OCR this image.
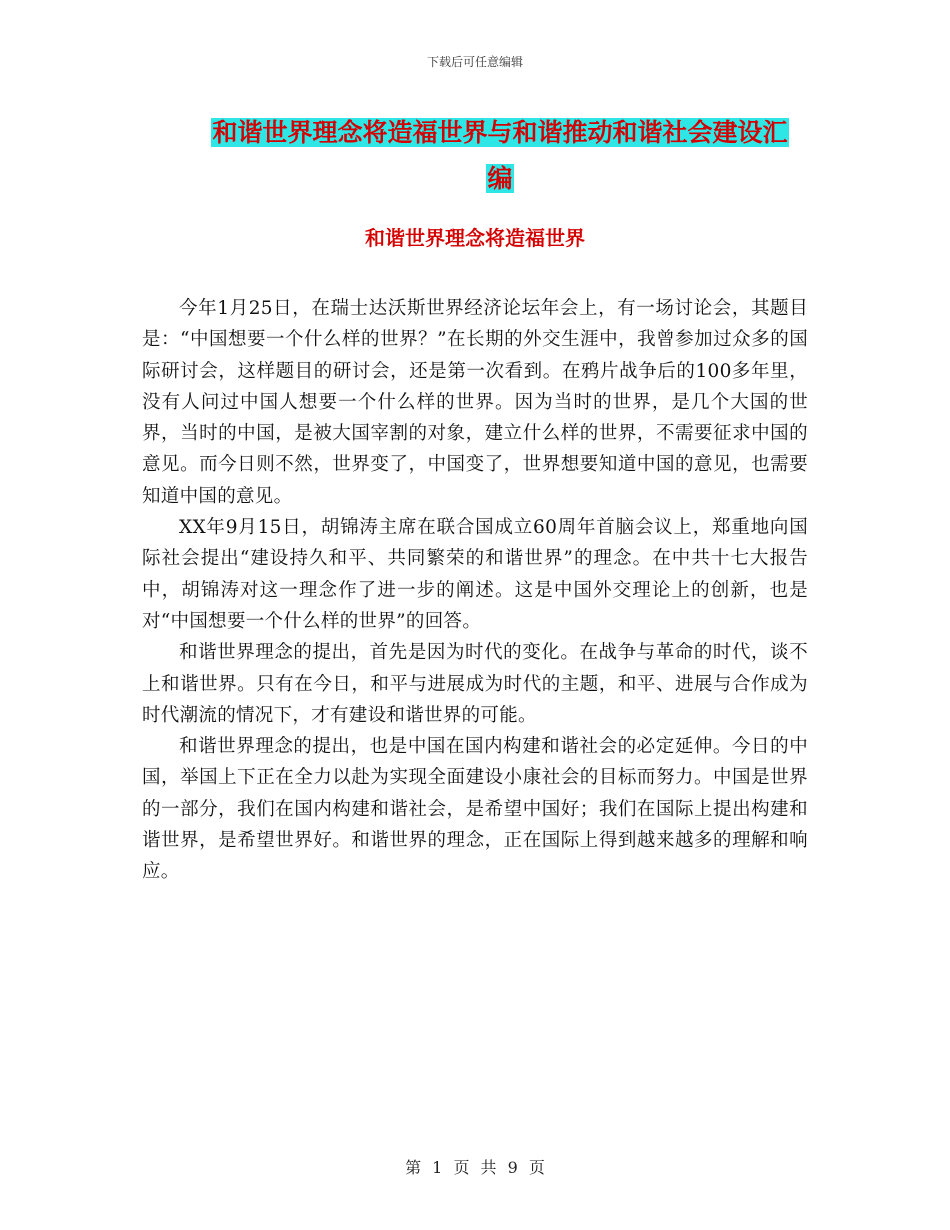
下载后可任意编辑
和谐世界理念将造福世界与和谐推动和谐社会建设汇
编
和谐世界理念将造福世界

今年1月25日，在瑞士达沃斯世界经济论坛年会上，有一场讨论会，其题目是：“中国想要一个什么样的世界？”在长期的外交生涯中，我曾参加过众多的国际研讨会，这样题目的研讨会，还是第一次看到。在鸦片战争后的100多年里，没有人问过中国人想要一个什么样的世界。因为当时的世界，是几个大国的世界，当时的中国，是被大国宰割的对象，建立什么样的世界，不需要征求中国的意见。而今日则不然，世界变了，中国变了，世界想要知道中国的意见，也需要知道中国的意见。

XX年9月15日，胡锦涛主席在联合国成立60周年首脑会议上，郑重地向国际社会提出“建设持久和平、共同繁荣的和谐世界”的理念。在中共十七大报告中，胡锦涛对这一理念作了进一步的阐述。这是中国外交理论上的创新，也是对“中国想要一个什么样的世界”的回答。

和谐世界理念的提出，首先是因为时代的变化。在战争与革命的时代，谈不上和谐世界。只有在今日，和平与进展成为时代的主题，和平、进展与合作成为时代潮流的情况下，才有建设和谐世界的可能。

和谐世界理念的提出，也是中国在国内构建和谐社会的必定延伸。今日的中国，举国上下正在全力以赴为实现全面建设小康社会的目标而努力。中国是世界的一部分，我们在国内构建和谐社会，是希望中国好；我们在国际上提出构建和谐世界，是希望世界好。和谐世界的理念，正在国际上得到越来越多的理解和响应。

第 1 页 共 9 页
